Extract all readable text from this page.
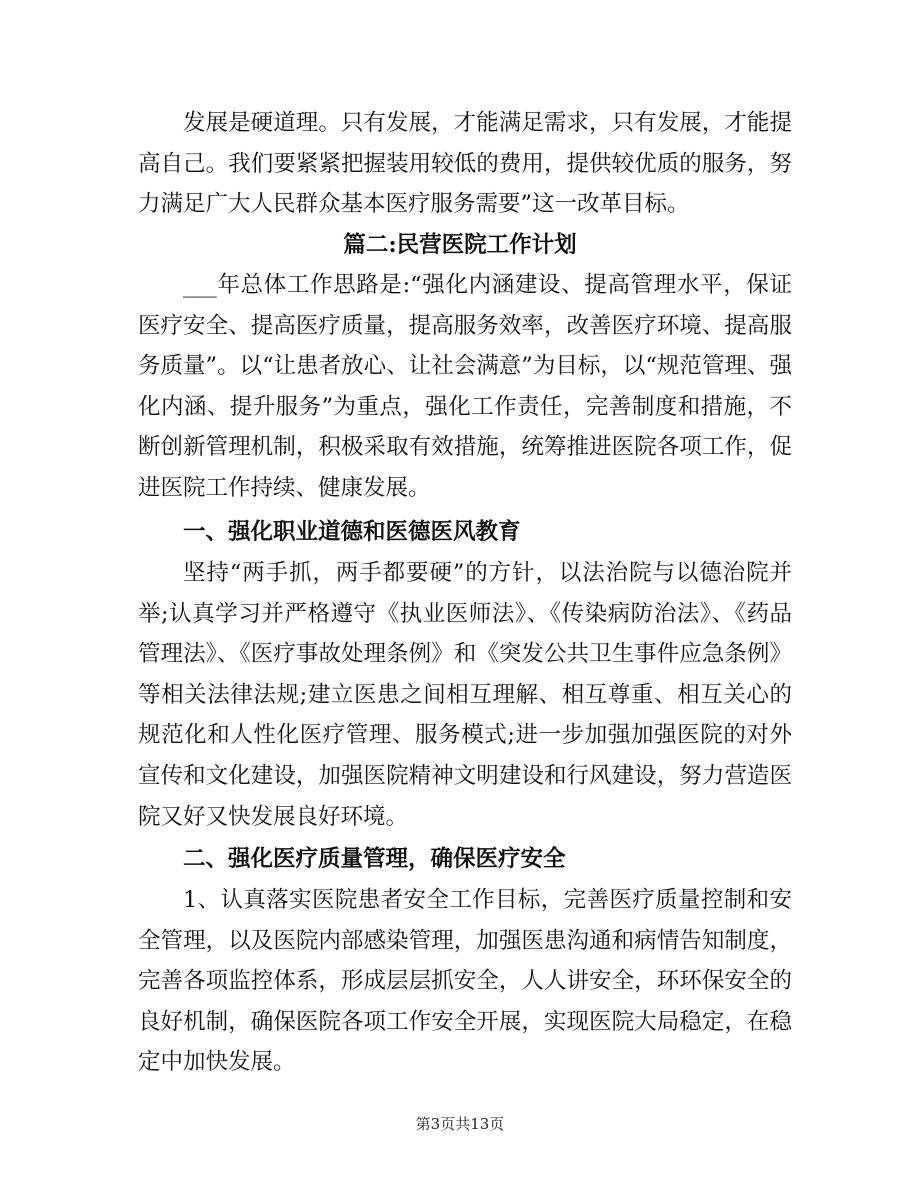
发展是硬道理。只有发展，才能满足需求，只有发展，才能提高自己。我们要紧紧把握装用较低的费用，提供较优质的服务，努力满足广大人民群众基本医疗服务需要”这一改革目标。

篇二:民营医院工作计划

___年总体工作思路是:“强化内涵建设、提高管理水平，保证医疗安全、提高医疗质量，提高服务效率，改善医疗环境、提高服务质量”。以“让患者放心、让社会满意”为目标，以“规范管理、强化内涵、提升服务”为重点，强化工作责任，完善制度和措施，不断创新管理机制，积极采取有效措施，统筹推进医院各项工作，促进医院工作持续、健康发展。

一、强化职业道德和医德医风教育

坚持“两手抓，两手都要硬”的方针，以法治院与以德治院并举;认真学习并严格遵守《执业医师法》、《传染病防治法》、《药品管理法》、《医疗事故处理条例》和《突发公共卫生事件应急条例》等相关法律法规;建立医患之间相互理解、相互尊重、相互关心的规范化和人性化医疗管理、服务模式;进一步加强加强医院的对外宣传和文化建设，加强医院精神文明建设和行风建设，努力营造医院又好又快发展良好环境。

二、强化医疗质量管理，确保医疗安全

1、认真落实医院患者安全工作目标，完善医疗质量控制和安全管理，以及医院内部感染管理，加强医患沟通和病情告知制度，完善各项监控体系，形成层层抓安全，人人讲安全，环环保安全的良好机制，确保医院各项工作安全开展，实现医院大局稳定，在稳定中加快发展。

第3页共13页
